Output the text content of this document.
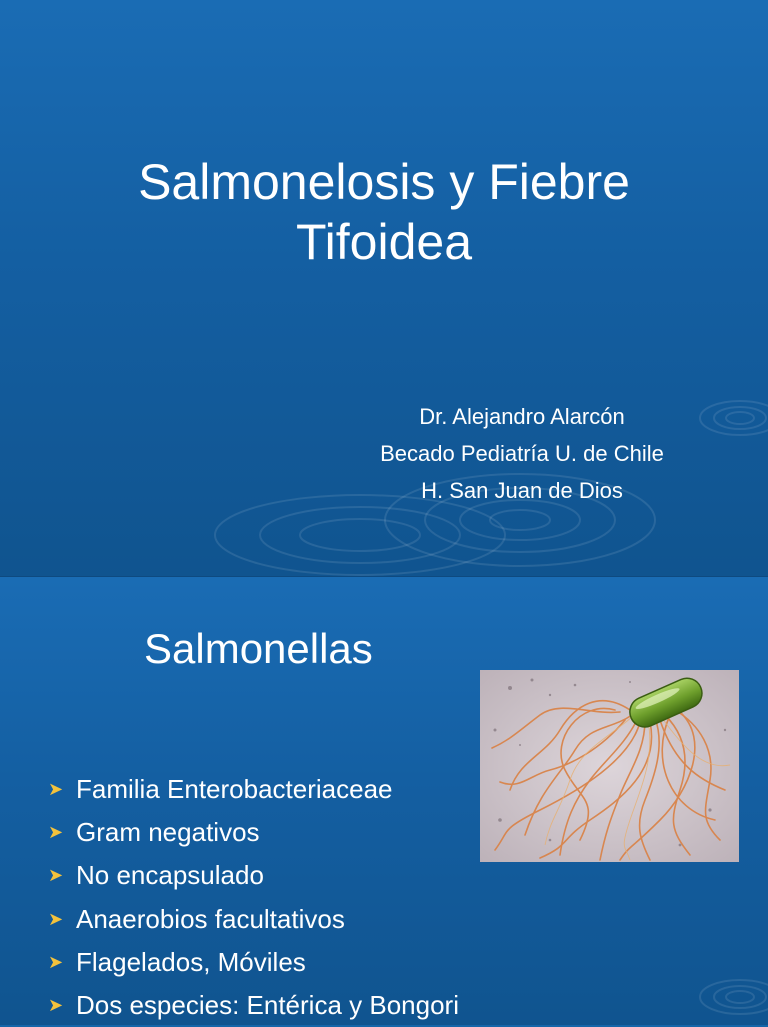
Salmonelosis y Fiebre
Tifoidea
Dr. Alejandro Alarcón
Becado Pediatría U. de Chile
H. San Juan de Dios
Salmonellas
➤ Familia Enterobacteriaceae
➤ Gram negativos
➤ No encapsulado
➤ Anaerobios facultativos
➤ Flagelados, Móviles
➤ Dos especies: Entérica y Bongori
